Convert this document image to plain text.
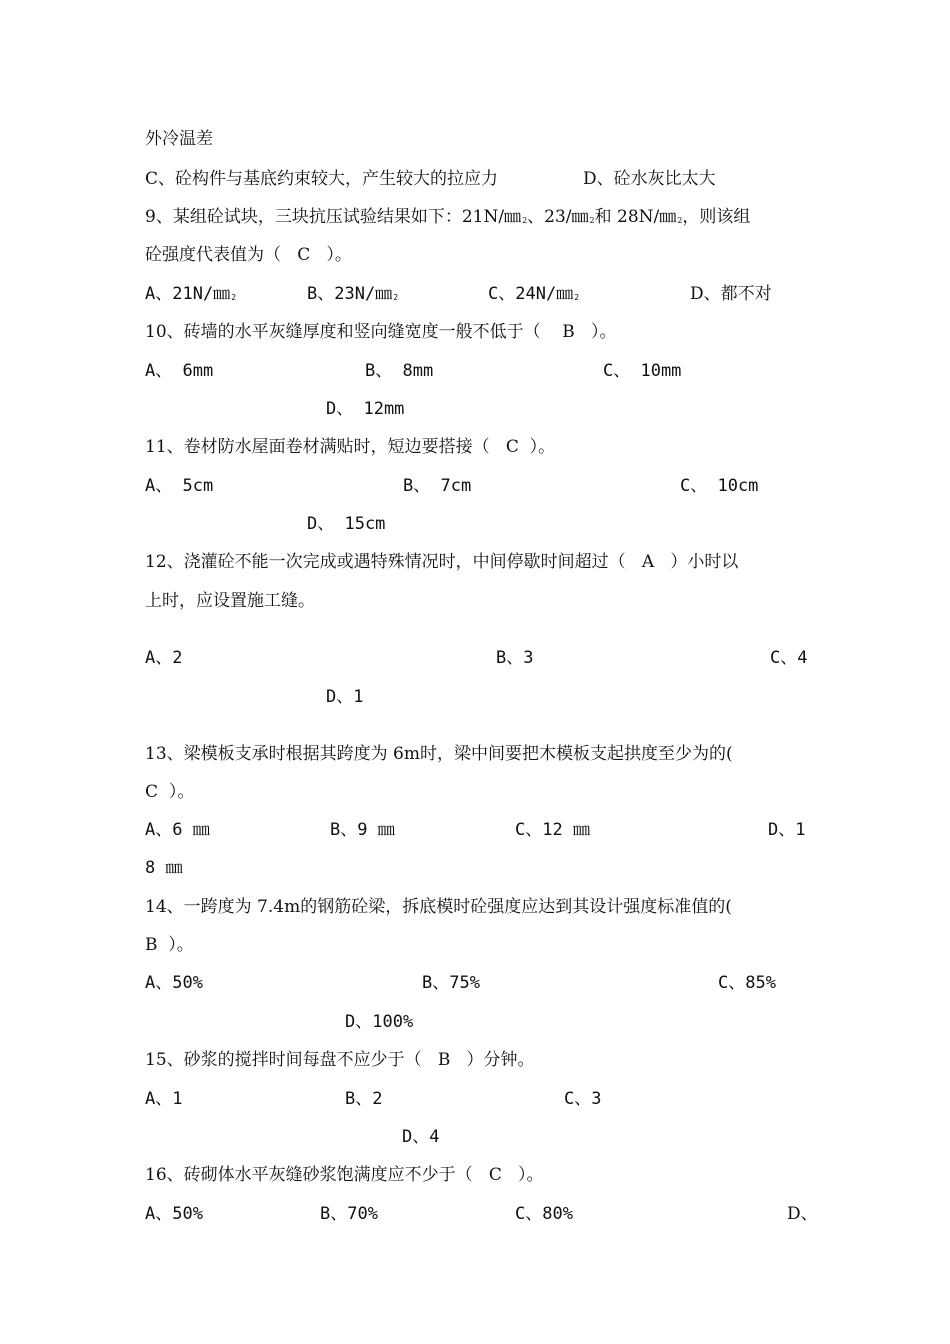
外冷温差
C、砼构件与基底约束较大，产生较大的拉应力	D、砼水灰比太大
9、某组砼试块，三块抗压试验结果如下：21N/㎜$^2$、23/㎜$^2$和 28N/㎜$^2$，则该组
砼强度代表值为（   C   ）。
A、21N/㎜$^2$	B、23N/㎜$^2$	C、24N/㎜$^2$	D、都不对
10、砖墙的水平灰缝厚度和竖向缝宽度一般不低于（    B   ）。
A、 6mm	B、 8mm	C、 10mm
D、 12mm
11、卷材防水屋面卷材满贴时，短边要搭接（   C  ）。
A、 5cm	B、 7cm	C、 10cm
D、 15cm
12、浇灌砼不能一次完成或遇特殊情况时，中间停歇时间超过（   A   ）小时以
上时，应设置施工缝。
A、2	B、3	C、4
D、1
13、梁模板支承时根据其跨度为 6m时，梁中间要把木模板支起拱度至少为的(
C  ）。
A、6 ㎜	B、9 ㎜	C、12 ㎜	D、1
8 ㎜
14、一跨度为 7.4m的钢筋砼梁，拆底模时砼强度应达到其设计强度标准值的(
B  ）。
A、50%	B、75%	C、85%
D、100%
15、砂浆的搅拌时间每盘不应少于（   B   ）分钟。
A、1	B、2	C、3
D、4
16、砖砌体水平灰缝砂浆饱满度应不少于（   C   ）。
A、50%	B、70%	C、80%	D、
